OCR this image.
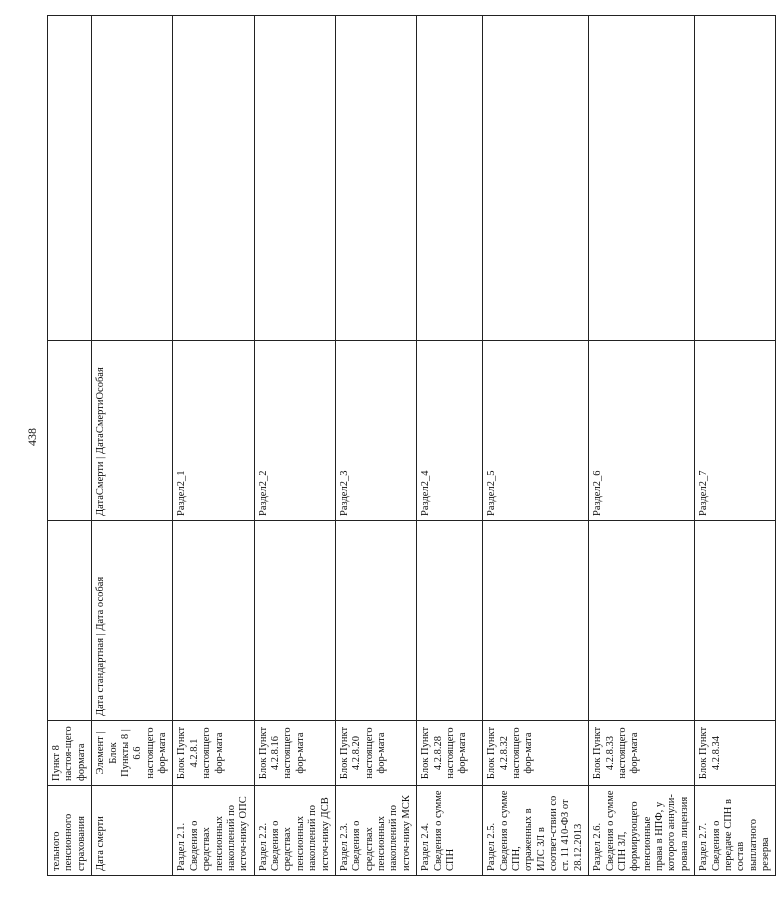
438
тельного пенсионного страхования	Пункт 8 настоя-щего формата			
Дата смерти	Элемент | Блок Пункты 8 | 6.6 настоящего фор-мата	Дата стандартная | Дата особая	ДатаСмерти | ДатаСмертиОсобая	
Раздел 2.1. Сведения о средствах пенсионных накоплений по источ-нику ОПС	Блок Пункт 4.2.8.1 настоящего фор-мата		Раздел2_1	
Раздел 2.2. Сведения о средствах пенсионных накоплений по источ-нику ДСВ	Блок Пункт 4.2.8.16 настоящего фор-мата		Раздел2_2	
Раздел 2.3. Сведения о средствах пенсионных накоплений по источ-нику МСК	Блок Пункт 4.2.8.20 настоящего фор-мата		Раздел2_3	
Раздел 2.4. Сведения о сумме СПН	Блок Пункт 4.2.8.28 настоящего фор-мата		Раздел2_4	
Раздел 2.5. Сведения о сумме СПН, отраженных в ИЛС ЗЛ в соответ-ствии со ст. 11 410-ФЗ от 28.12.2013	Блок Пункт 4.2.8.32 настоящего фор-мата		Раздел2_5	
Раздел 2.6. Сведения о сумме СПН ЗЛ, формирующего пенсионные права в НПФ, у которого аннули-рована лицензия	Блок Пункт 4.2.8.33 настоящего фор-мата		Раздел2_6	
Раздел 2.7. Сведения о передаче СПН в состав выплатного резерва	Блок Пункт 4.2.8.34		Раздел2_7	
